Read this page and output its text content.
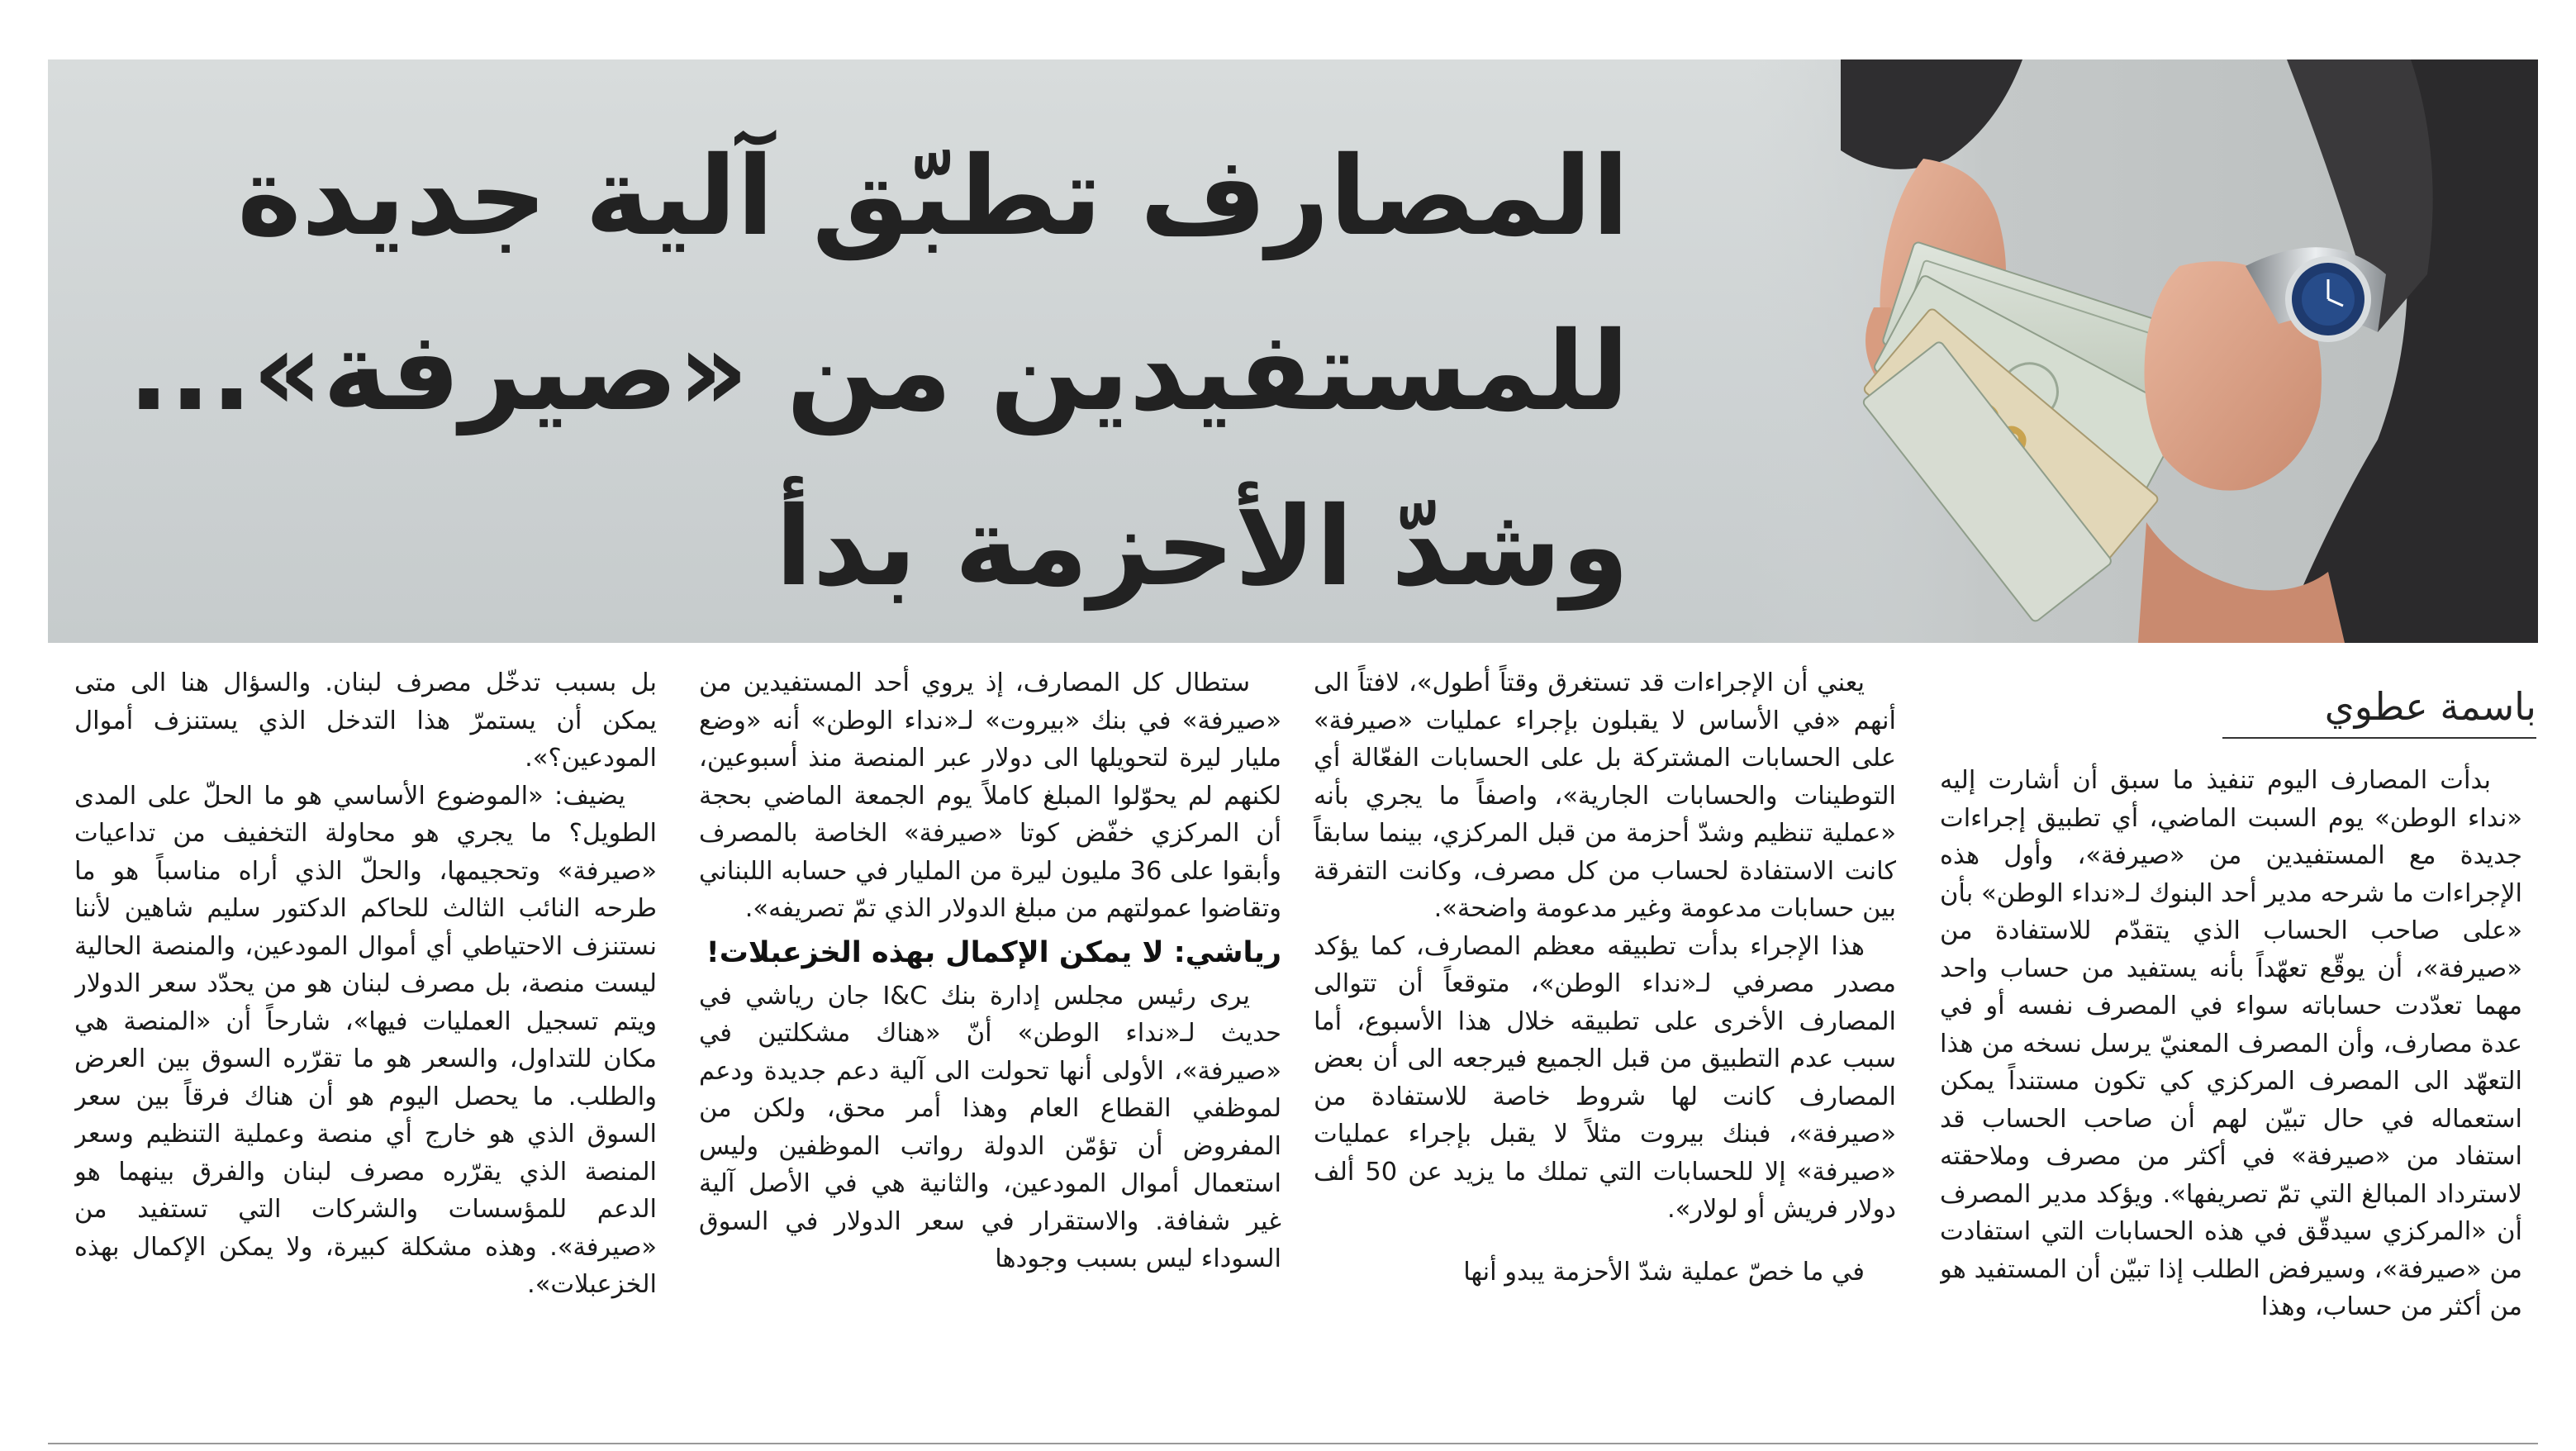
المصارف تطبّق آلية جديدة
للمستفيدين من «صيرفة»...
وشدّ الأحزمة بدأ
باسمة عطوي

بدأت المصارف اليوم تنفيذ ما سبق أن أشارت إليه «نداء الوطن» يوم السبت الماضي، أي تطبيق إجراءات جديدة مع المستفيدين من «صيرفة»، وأول هذه الإجراءات ما شرحه مدير أحد البنوك لـ«نداء الوطن» بأن «على صاحب الحساب الذي يتقدّم للاستفادة من «صيرفة»، أن يوقّع تعهّداً بأنه يستفيد من حساب واحد مهما تعدّدت حساباته سواء في المصرف نفسه أو في عدة مصارف، وأن المصرف المعنيّ يرسل نسخه من هذا التعهّد الى المصرف المركزي كي تكون مستنداً يمكن استعماله في حال تبيّن لهم أن صاحب الحساب قد استفاد من «صيرفة» في أكثر من مصرف وملاحقته لاسترداد المبالغ التي تمّ تصريفها». ويؤكد مدير المصرف أن «المركزي سيدقّق في هذه الحسابات التي استفادت من «صيرفة»، وسيرفض الطلب إذا تبيّن أن المستفيد هو من أكثر من حساب، وهذا

يعني أن الإجراءات قد تستغرق وقتاً أطول»، لافتاً الى أنهم «في الأساس لا يقبلون بإجراء عمليات «صيرفة» على الحسابات المشتركة بل على الحسابات الفعّالة أي التوطينات والحسابات الجارية»، واصفاً ما يجري بأنه «عملية تنظيم وشدّ أحزمة من قبل المركزي، بينما سابقاً كانت الاستفادة لحساب من كل مصرف، وكانت التفرقة بين حسابات مدعومة وغير مدعومة واضحة».

هذا الإجراء بدأت تطبيقه معظم المصارف، كما يؤكد مصدر مصرفي لـ«نداء الوطن»، متوقعاً أن تتوالى المصارف الأخرى على تطبيقه خلال هذا الأسبوع، أما سبب عدم التطبيق من قبل الجميع فيرجعه الى أن بعض المصارف كانت لها شروط خاصة للاستفادة من «صيرفة»، فبنك بيروت مثلاً لا يقبل بإجراء عمليات «صيرفة» إلا للحسابات التي تملك ما يزيد عن 50 ألف دولار فريش أو لولار».

في ما خصّ عملية شدّ الأحزمة يبدو أنها

ستطال كل المصارف، إذ يروي أحد المستفيدين من «صيرفة» في بنك «بيروت» لـ«نداء الوطن» أنه «وضع مليار ليرة لتحويلها الى دولار عبر المنصة منذ أسبوعين، لكنهم لم يحوّلوا المبلغ كاملاً يوم الجمعة الماضي بحجة أن المركزي خفّض كوتا «صيرفة» الخاصة بالمصرف وأبقوا على 36 مليون ليرة من المليار في حسابه اللبناني وتقاضوا عمولتهم من مبلغ الدولار الذي تمّ تصريفه».

رياشي: لا يمكن الإكمال بهذه الخزعبلات!

يرى رئيس مجلس إدارة بنك I&C جان رياشي في حديث لـ«نداء الوطن» أنّ «هناك مشكلتين في «صيرفة»، الأولى أنها تحولت الى آلية دعم جديدة ودعم لموظفي القطاع العام وهذا أمر محق، ولكن من المفروض أن تؤمّن الدولة رواتب الموظفين وليس استعمال أموال المودعين، والثانية هي في الأصل آلية غير شفافة. والاستقرار في سعر الدولار في السوق السوداء ليس بسبب وجودها

بل بسبب تدخّل مصرف لبنان. والسؤال هنا الى متى يمكن أن يستمرّ هذا التدخل الذي يستنزف أموال المودعين؟».

يضيف: «الموضوع الأساسي هو ما الحلّ على المدى الطويل؟ ما يجري هو محاولة التخفيف من تداعيات «صيرفة» وتحجيمها، والحلّ الذي أراه مناسباً هو ما طرحه النائب الثالث للحاكم الدكتور سليم شاهين لأننا نستنزف الاحتياطي أي أموال المودعين، والمنصة الحالية ليست منصة، بل مصرف لبنان هو من يحدّد سعر الدولار ويتم تسجيل العمليات فيها»، شارحاً أن «المنصة هي مكان للتداول، والسعر هو ما تقرّره السوق بين العرض والطلب. ما يحصل اليوم هو أن هناك فرقاً بين سعر السوق الذي هو خارج أي منصة وعملية التنظيم وسعر المنصة الذي يقرّره مصرف لبنان والفرق بينهما هو الدعم للمؤسسات والشركات التي تستفيد من «صيرفة». وهذه مشكلة كبيرة، ولا يمكن الإكمال بهذه الخزعبلات».
